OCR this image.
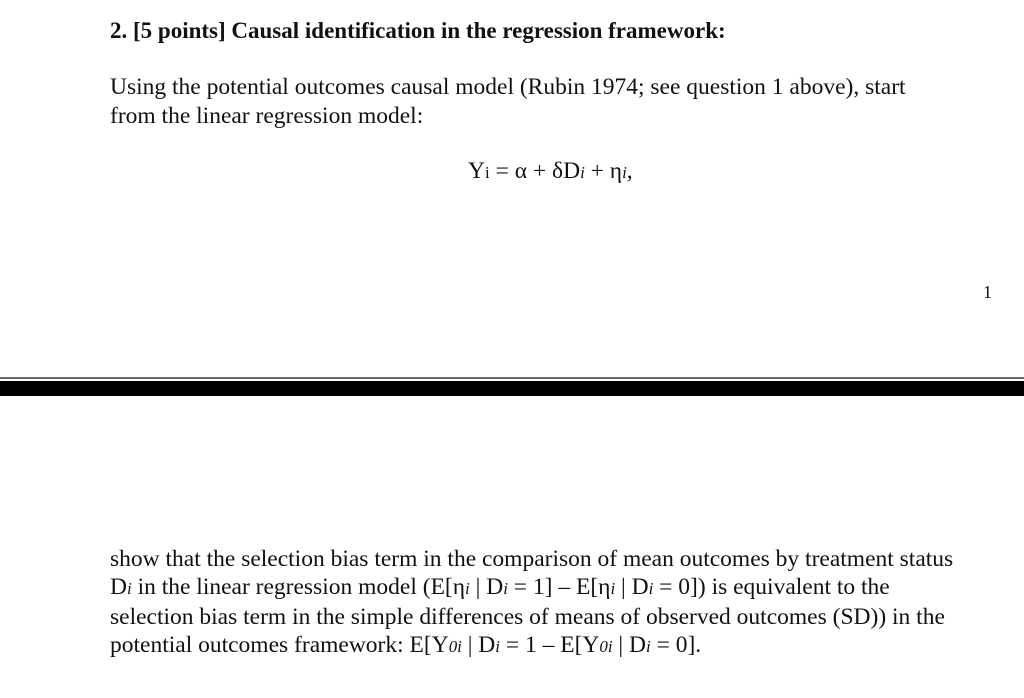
2. [5 points] Causal identification in the regression framework:
Using the potential outcomes causal model (Rubin 1974; see question 1 above), start
from the linear regression model:
Yi = α + δDi + ηi,
1
show that the selection bias term in the comparison of mean outcomes by treatment status
Di in the linear regression model (E[ηi | Di = 1] – E[ηi | Di = 0]) is equivalent to the
selection bias term in the simple differences of means of observed outcomes (SD)) in the
potential outcomes framework: E[Y0i | Di = 1 – E[Y0i | Di = 0].
